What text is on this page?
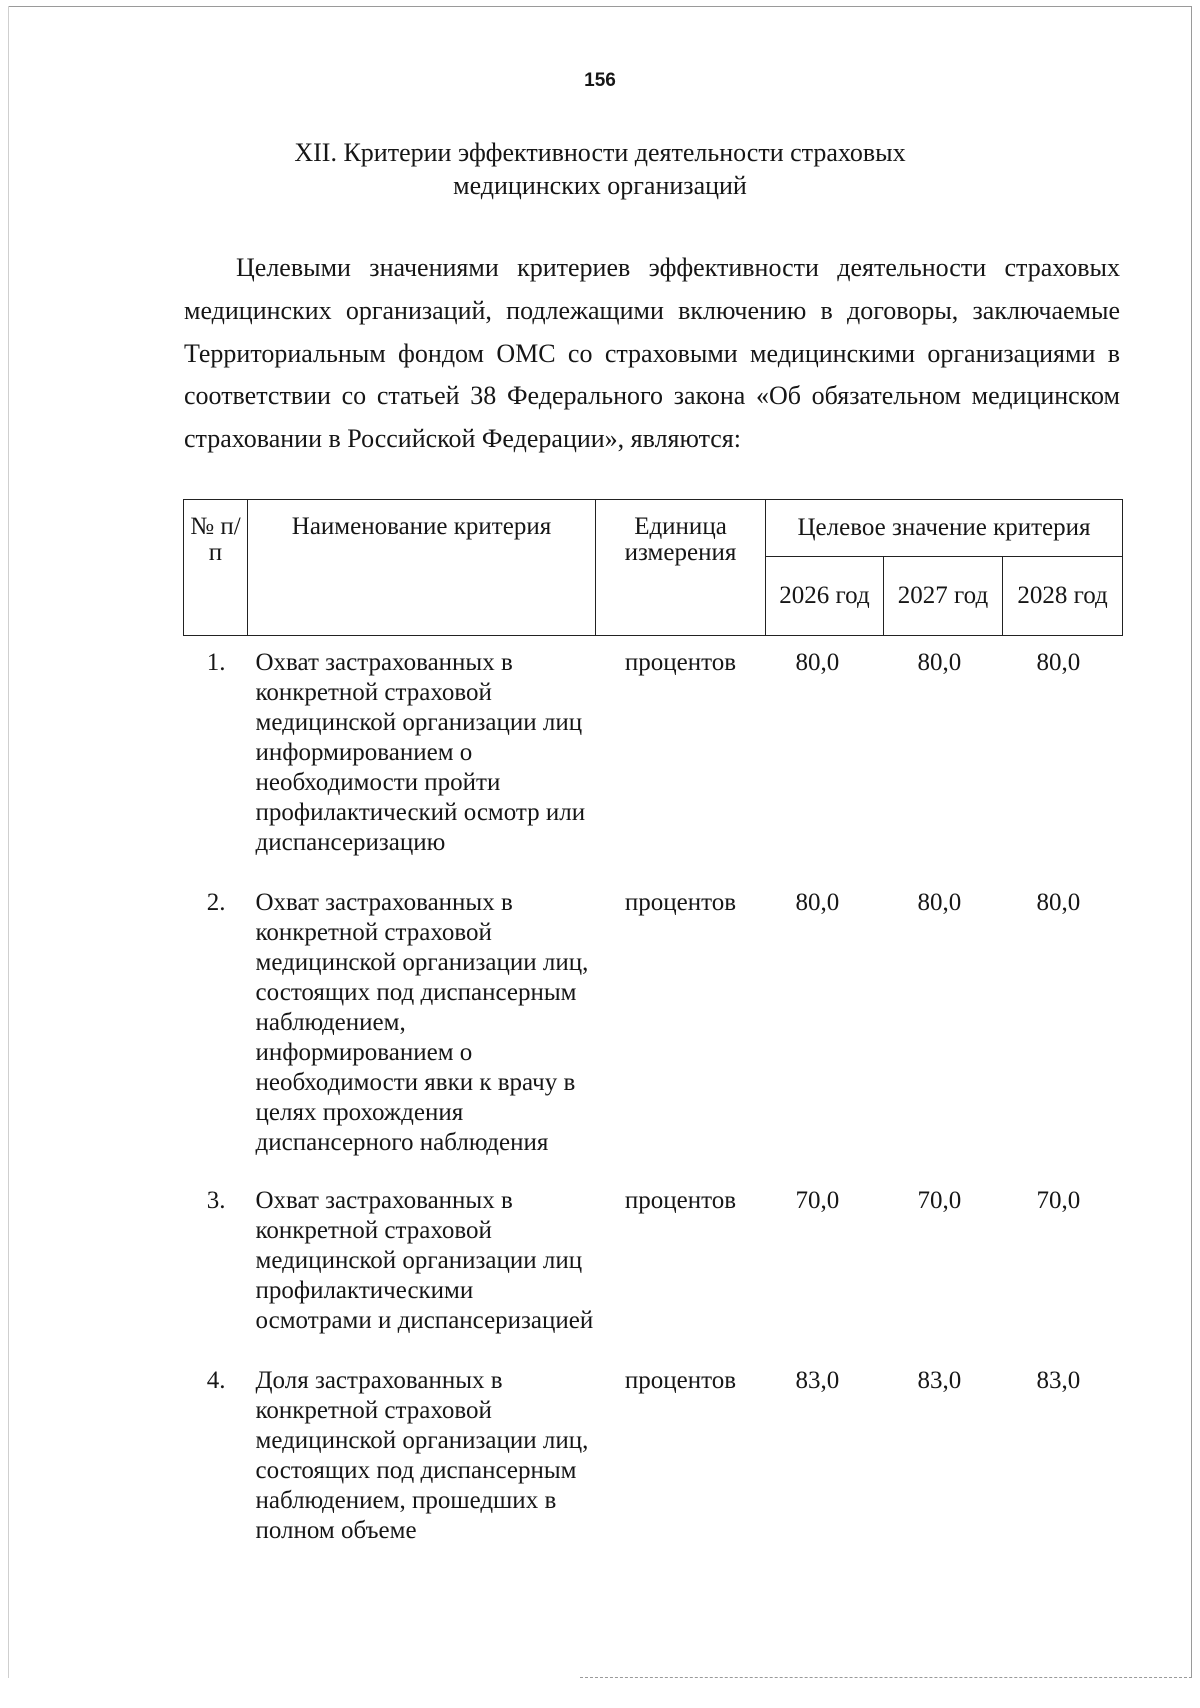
156
XII. Критерии эффективности деятельности страховых
медицинских организаций

Целевыми значениями критериев эффективности деятельности страховых медицинских организаций, подлежащими включению в договоры, заключаемые Территориальным фондом ОМС со страховыми медицинскими организациями в соответствии со статьей 38 Федерального закона «Об обязательном медицинском страховании в Российской Федерации», являются:

№ п/п	Наименование критерия	Единица измерения	Целевое значение критерия		
			2026 год	2027 год	2028 год

1.	Охват застрахованных в конкретной страховой медицинской организации лиц информированием о необходимости пройти профилактический осмотр или диспансеризацию	процентов	80,0	80,0	80,0
2.	Охват застрахованных в конкретной страховой медицинской организации лиц, состоящих под диспансерным наблюдением, информированием о необходимости явки к врачу в целях прохождения диспансерного наблюдения	процентов	80,0	80,0	80,0
3.	Охват застрахованных в конкретной страховой медицинской организации лиц профилактическими осмотрами и диспансеризацией	процентов	70,0	70,0	70,0
4.	Доля застрахованных в конкретной страховой медицинской организации лиц, состоящих под диспансерным наблюдением, прошедших в полном объеме	процентов	83,0	83,0	83,0
